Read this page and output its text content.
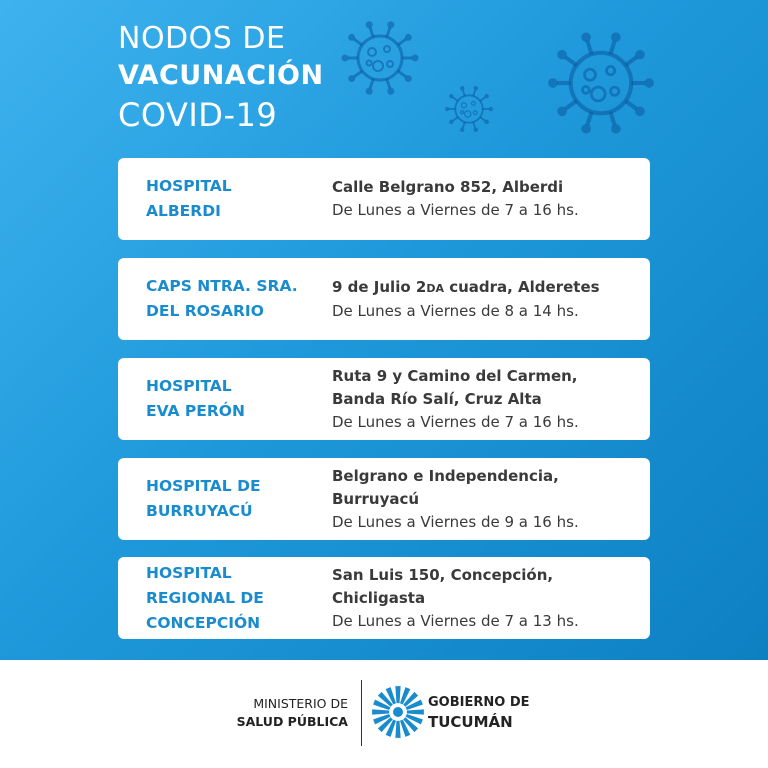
NODOS DE
VACUNACIÓN
COVID-19
HOSPITAL
ALBERDI
Calle Belgrano 852, Alberdi
De Lunes a Viernes de 7 a 16 hs.
CAPS NTRA. SRA.
DEL ROSARIO
9 de Julio 2DA cuadra, Alderetes
De Lunes a Viernes de 8 a 14 hs.
HOSPITAL
EVA PERÓN
Ruta 9 y Camino del Carmen,
Banda Río Salí, Cruz Alta
De Lunes a Viernes de 7 a 16 hs.
HOSPITAL DE
BURRUYACÚ
Belgrano e Independencia,
Burruyacú
De Lunes a Viernes de 9 a 16 hs.
HOSPITAL
REGIONAL DE
CONCEPCIÓN
San Luis 150, Concepción,
Chicligasta
De Lunes a Viernes de 7 a 13 hs.
MINISTERIO DE
SALUD PÚBLICA
GOBIERNO DE
TUCUMÁN
